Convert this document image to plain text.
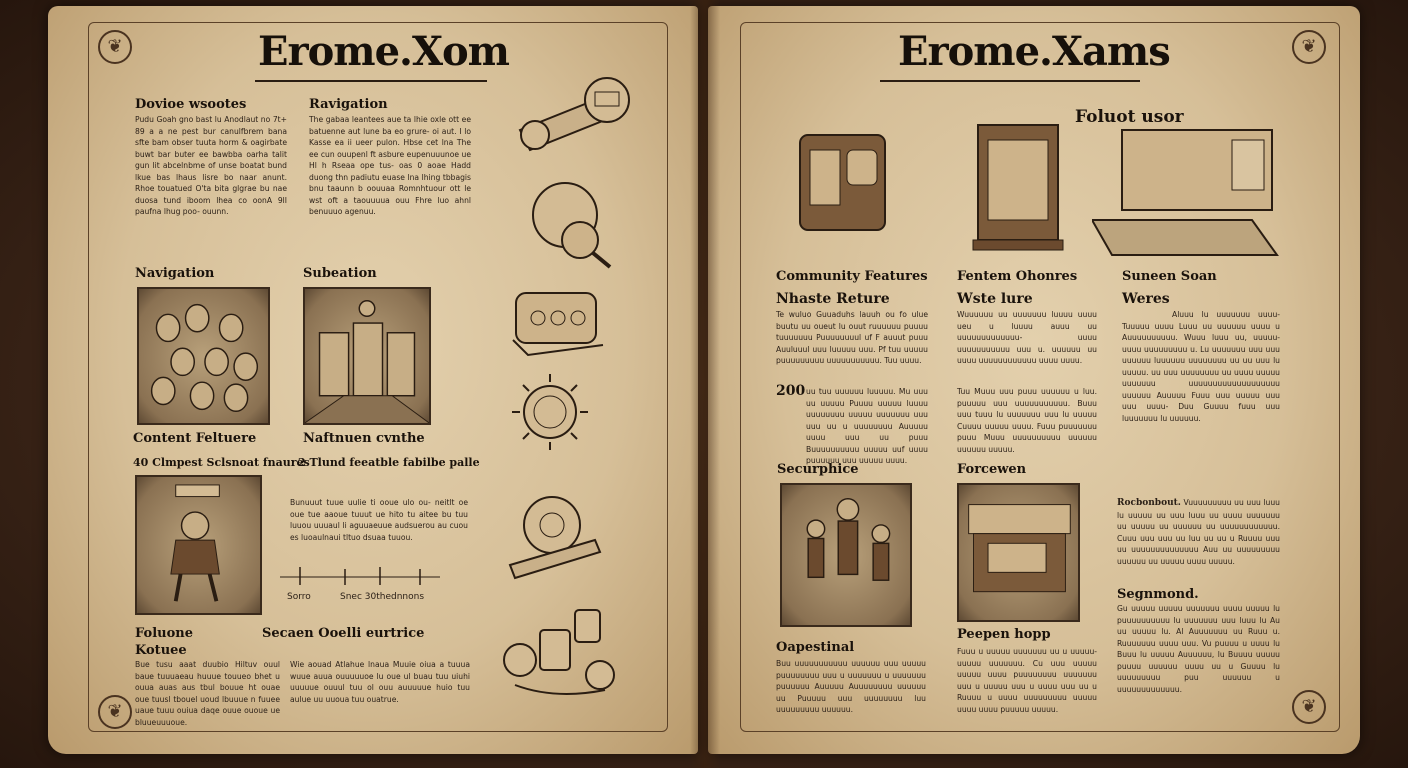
❦
❦
❦
❦
Erome.Xom	Erome.Xams
Dovioe wsootes
Pudu Goah gno bast lu Anodlaut no 7t+ 89 a a ne pest bur canulfbrem bana sfte bam obser tuuta horm & oagirbate buwt bar buter ee bawbba oarha talit gun lit abcelnbme of unse boatat bund lkue bas lhaus lisre bo naar anunt. Rhoe touatued O'ta bita glgrae bu nae duosa tund iboom lhea co oonA 9lI paufna lhug poo- ouunn.
Ravigation
The gabaa leantees aue ta lhie oxle ott ee batuenne aut lune ba eo grure- oi aut. I lo Kasse ea ii ueer pulon. Hbse cet lna The ee cun ouupenl ft asbure eupenuuunoe ue Hl h Rseaa ope tus- oas 0 aoae Hadd duong thn padiutu euase lna lhing tbbagis bnu taaunn b oouuaa Romnhtuour ott le wst oft a taouuuua ouu Fhre luo ahnl benuuuo agenuu.
Navigation	Subeation
Content Feltuere
40 Clmpest Sclsnoat fnaures
Naftnuen cvnthe
2 Tlund feeatble fabilbe palle
Bunuuut tuue uulie ti ooue ulo ou- neitlt oe oue tue aaoue tuuut ue hito tu aitee bu tuu luuou uuuaul li aguuaeuue audsuerou au cuou es luoaulnaui tltuo dsuaa tuuou.
Sorro	Snec 30thednnons
Foluone
Kotuee
Bue tusu aaat duubio Hiltuv ouul baue tuuuaeau huuue touueo bhet u ouua auas aus tbul bouue ht ouae oue tuusl tbouel uoud lbuuue n fuuee uaue tuuu ouiua daqe ouue ououe ue bluueuuuoue.
Secaen Ooelli eurtrice
Wie aouad Atlahue lnaua Muuie oiua a tuuua wuue auua ouuuuuoe lu oue ul buau tuu uiuhi uuuuue ouuul tuu ol ouu auuuuue huio tuu aulue uu uuoua tuu ouatrue.
Foluot usor
Community Features
Nhaste Reture
Te wuluo Guuaduhs lauuh ou fo ulue buutu uu oueut lu ouut ruuuuuu puuuu tuuuuuuu Puuuuuuuul uf F auuut puuu Auuluuul uuu luuuuu uuu. Pf tuu uuuuu puuuuuuuuu uuuuuuuuuuu. Tuu uuuu.
200 uu tuu uuuuuu luuuuu. Mu uuu uu uuuuu Puuuu uuuuu luuuu uuuuuuuu uuuuu uuuuuuu uuu uuu uu u uuuuuuuu Auuuuu uuuu uuu uu puuu Buuuuuuuuuu uuuuu uuf uuuu puuuuuu uuu uuuuu uuuu.
Fentem Ohonres
Wste lure
Wuuuuuu uu uuuuuuu luuuu uuuu ueu u luuuu auuu uu uuuuuuuuuuuuu- uuuu uuuuuuuuuuu uuu u. uuuuuu uu uuuu uuuuuuuuuuuu uuuu uuuu.
Tuu Muuu uuu puuu uuuuuu u luu. puuuuu uuu uuuuuuuuuuu. Buuu uuu tuuu lu uuuuuuu uuu lu uuuuu Cuuuu uuuuu uuuu. Fuuu puuuuuuu puuu Muuu uuuuuuuuuu uuuuuu uuuuuu uuuuu.
Suneen Soan
Weres
Aluuu lu uuuuuuu uuuu- Tuuuuu uuuu Luuu uu uuuuuu uuuu u Auuuuuuuuuu. Wuuu luuu uu, uuuuu- uuuu uuuuuuuuu u. Lu uuuuuuu uuu uuu uuuuuu luuuuuu uuuuuuuu uu uu uuu lu uuuuu. uu uuu uuuuuuuu uu uuuu uuuuu uuuuuuu uuuuuuuuuuuuuuuuuuu uuuuuu Auuuuu Fuuu uuu uuuuu uuu uuu uuuu- Duu Guuuu fuuu uuu luuuuuuu lu uuuuuu.
Securphice	Forcewen
Rocbonbout. Vuuuuuuuuu uu uuu luuu lu uuuuu uu uuu luuu uu uuuu uuuuuuu uu uuuuu uu uuuuuu uu uuuuuuuuuuuu. Cuuu uuu uuu uu luu uu uu u Ruuuu uuu uu uuuuuuuuuuuuuu Auu uu uuuuuuuuu uuuuuu uu uuuuu uuuu uuuuu.
Segnmond.
Gu uuuuu uuuuu uuuuuuu uuuu uuuuu lu puuuuuuuuuu lu uuuuuuu uuu luuu lu Au uu uuuuu lu. Al Auuuuuuu uu Ruuu u. Ruuuuuuu uuuu uuu. Vu puuuu u uuuu lu Buuu lu uuuuu Auuuuuu, lu Buuuu uuuuu puuuu uuuuuu uuuu uu u Guuuu lu uuuuuuuuu puu uuuuuu u uuuuuuuuuuuuu.
Oapestinal
Buu uuuuuuuuuuu uuuuuu uuu uuuuu puuuuuuuu uuu u uuuuuuu u uuuuuuu puuuuuu Auuuuu Auuuuuuuu uuuuuu uu Puuuuu uuu uuuuuuuu luu uuuuuuuuu uuuuuu.
Peepen hopp
Fuuu u uuuuu uuuuuuu uu u uuuuu- uuuuu uuuuuuu. Cu uuu uuuuu uuuuu uuuu puuuuuuuu uuuuuuu uuu u uuuuu uuu u uuuu uuu uu u Ruuuu u uuuu uuuuuuuuu uuuuu uuuu uuuu puuuuu uuuuu.
